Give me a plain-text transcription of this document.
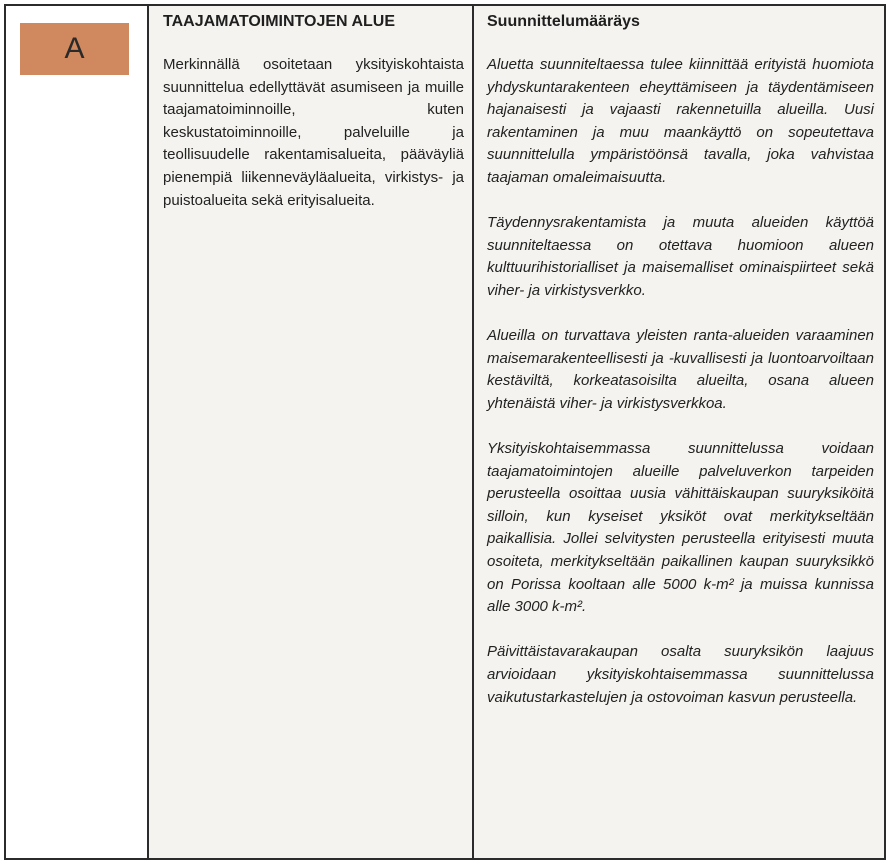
A
TAAJAMATOIMINTOJEN ALUE

Merkinnällä osoitetaan yksityiskohtaista suunnittelua edellyttävät asumiseen ja muille taajamatoiminnoille, kuten keskustatoiminnoille, palveluille ja teollisuudelle rakentamisalueita, pääväyliä pienempiä liikenneväyläalueita, virkistys- ja puistoalueita sekä erityisalueita.

Suunnittelumääräys

Aluetta suunniteltaessa tulee kiinnittää erityistä huomiota yhdyskuntarakenteen eheyttämiseen ja täydentämiseen hajanaisesti ja vajaasti rakennetuilla alueilla. Uusi rakentaminen ja muu maankäyttö on sopeutettava suunnittelulla ympäristöönsä tavalla, joka vahvistaa taajaman omaleimaisuutta.

Täydennysrakentamista ja muuta alueiden käyttöä suunniteltaessa on otettava huomioon alueen kulttuurihistorialliset ja maisemalliset ominaispiirteet sekä viher- ja virkistysverkko.

Alueilla on turvattava yleisten ranta-alueiden varaaminen maisemarakenteellisesti ja -kuvallisesti ja luontoarvoiltaan kestäviltä, korkeatasoisilta alueilta, osana alueen yhtenäistä viher- ja virkistysverkkoa.

Yksityiskohtaisemmassa suunnittelussa voidaan taajamatoimintojen alueille palveluverkon tarpeiden perusteella osoittaa uusia vähittäiskaupan suuryksiköitä silloin, kun kyseiset yksiköt ovat merkitykseltään paikallisia. Jollei selvitysten perusteella erityisesti muuta osoiteta, merkitykseltään paikallinen kaupan suuryksikkö on Porissa kooltaan alle 5000 k-m² ja muissa kunnissa alle 3000 k-m².

Päivittäistavarakaupan osalta suuryksikön laajuus arvioidaan yksityiskohtaisemmassa suunnittelussa vaikutustarkastelujen ja ostovoiman kasvun perusteella.
